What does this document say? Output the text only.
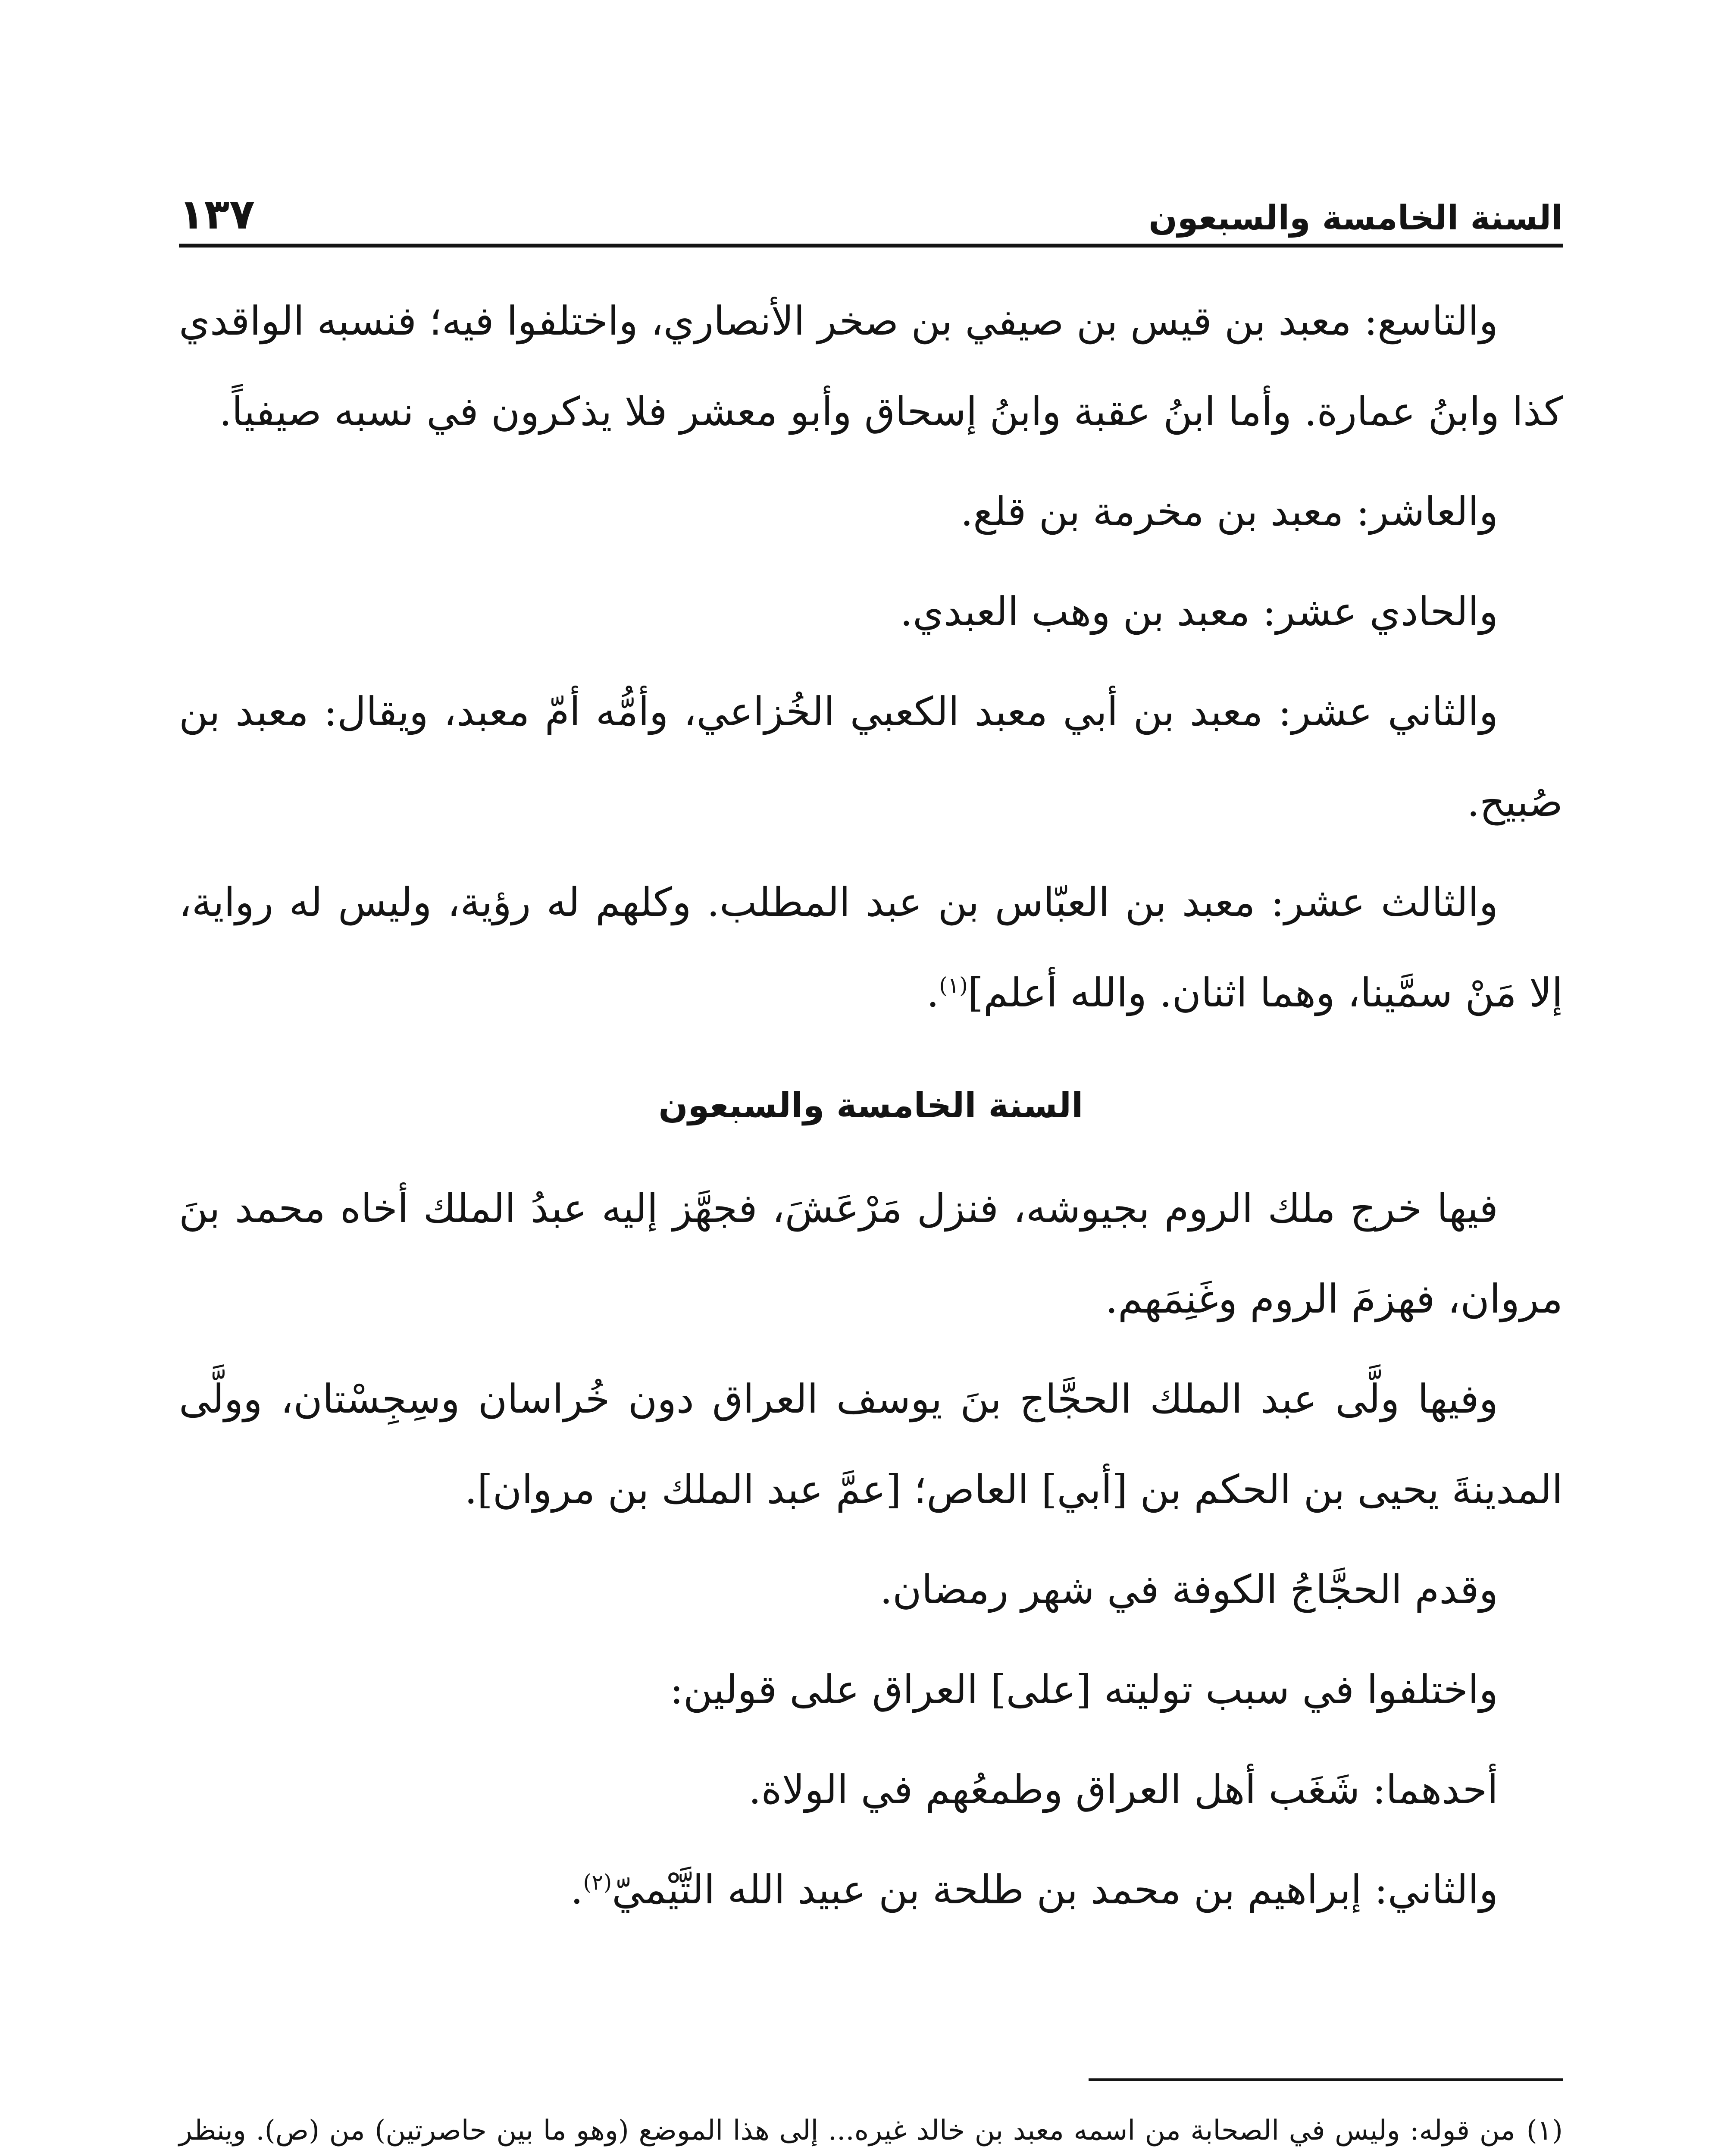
السنة الخامسة والسبعون
١٣٧

والتاسع: معبد بن قيس بن صيفي بن صخر الأنصاري، واختلفوا فيه؛ فنسبه الواقدي كذا وابنُ عمارة. وأما ابنُ عقبة وابنُ إسحاق وأبو معشر فلا يذكرون في نسبه صيفياً.

والعاشر: معبد بن مخرمة بن قلع.

والحادي عشر: معبد بن وهب العبدي.

والثاني عشر: معبد بن أبي معبد الكعبي الخُزاعي، وأمُّه أمّ معبد، ويقال: معبد بن صُبيح.

والثالث عشر: معبد بن العبّاس بن عبد المطلب. وكلهم له رؤية، وليس له رواية، إلا مَنْ سمَّينا، وهما اثنان. والله أعلم]$^{(١)}$.

السنة الخامسة والسبعون

فيها خرج ملك الروم بجيوشه، فنزل مَرْعَشَ، فجهَّز إليه عبدُ الملك أخاه محمد بنَ مروان، فهزمَ الروم وغَنِمَهم.

وفيها ولَّى عبد الملك الحجَّاج بنَ يوسف العراق دون خُراسان وسِجِسْتان، وولَّى المدينةَ يحيى بن الحكم بن [أبي] العاص؛ [عمَّ عبد الملك بن مروان].

وقدم الحجَّاجُ الكوفة في شهر رمضان.

واختلفوا في سبب توليته [على] العراق على قولين:

أحدهما: شَغَب أهل العراق وطمعُهم في الولاة.

والثاني: إبراهيم بن محمد بن طلحة بن عبيد الله التَّيْميّ$^{(٢)}$.

(١)من قوله: وليس في الصحابة من اسمه معبد بن خالد غيره... إلى هذا الموضع (وهو ما بين حاصرتين) من (ص). وينظر
